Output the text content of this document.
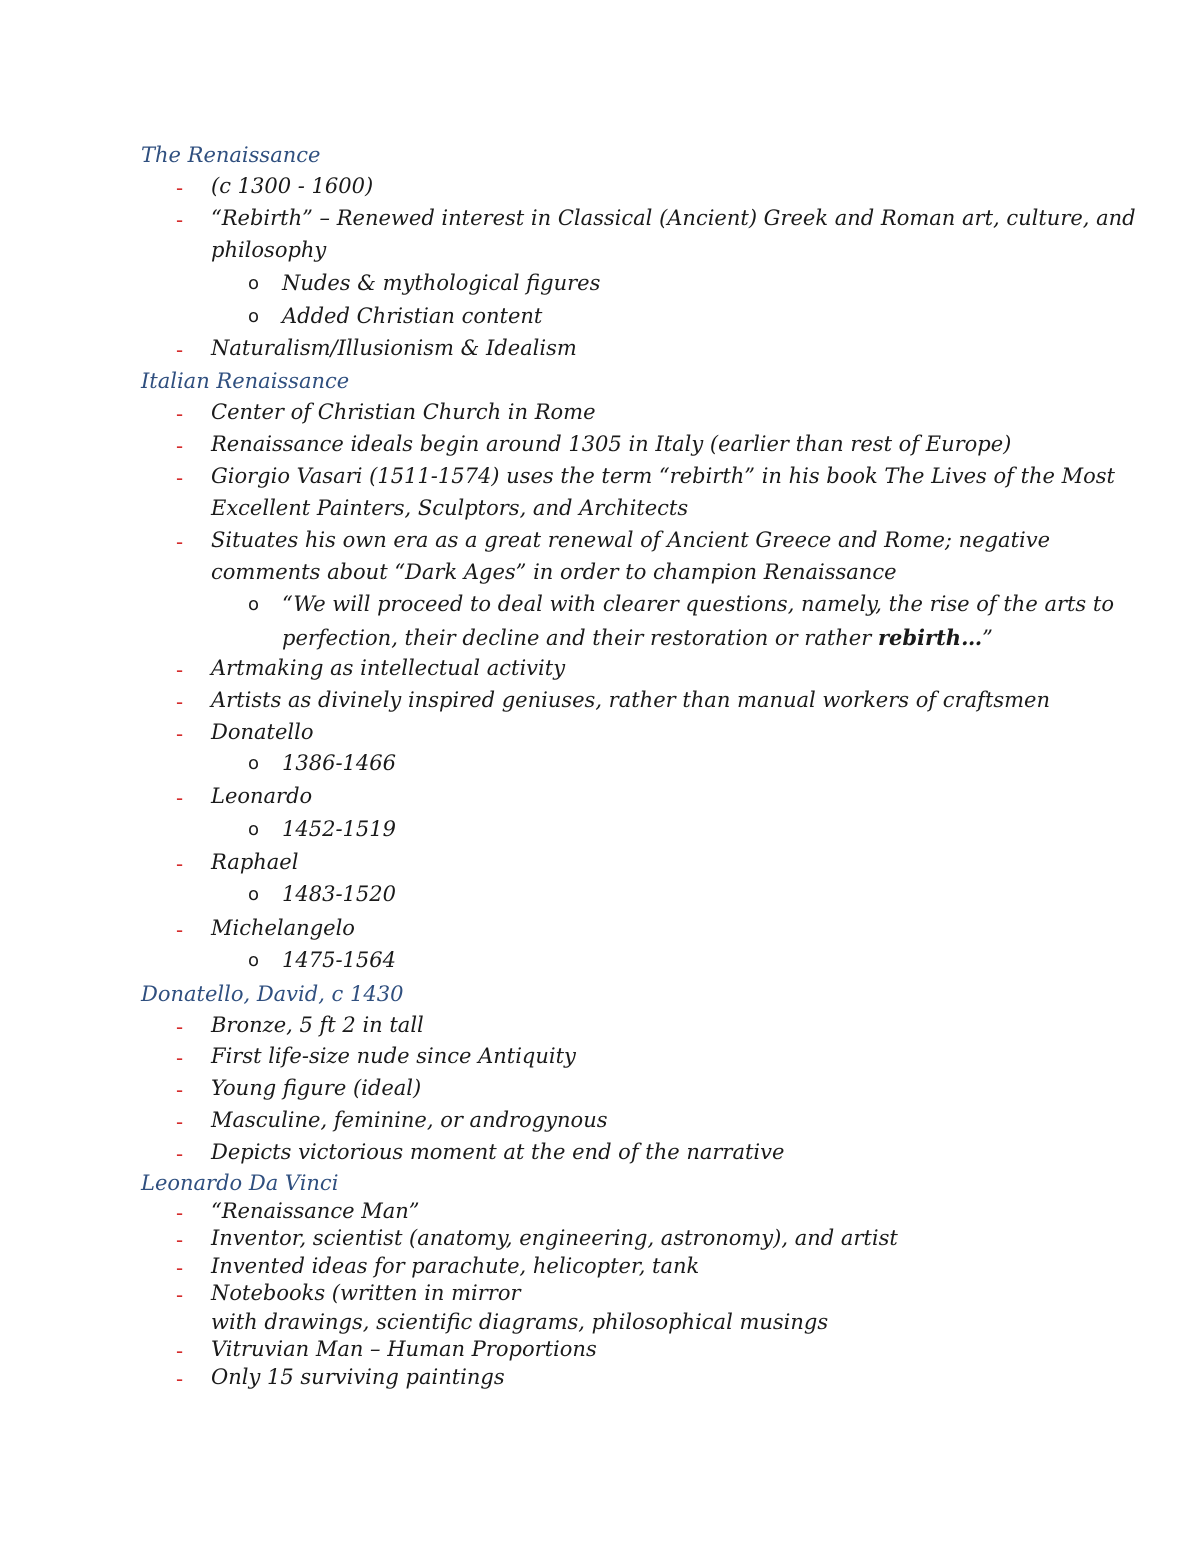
The Renaissance
- (c 1300 - 1600)
- “Rebirth” – Renewed interest in Classical (Ancient) Greek and Roman art, culture, and
philosophy
o Nudes & mythological figures
o Added Christian content
- Naturalism/Illusionism & Idealism
Italian Renaissance
- Center of Christian Church in Rome
- Renaissance ideals begin around 1305 in Italy (earlier than rest of Europe)
- Giorgio Vasari (1511-1574) uses the term “rebirth” in his book The Lives of the Most
Excellent Painters, Sculptors, and Architects
- Situates his own era as a great renewal of Ancient Greece and Rome; negative
comments about “Dark Ages” in order to champion Renaissance
o “We will proceed to deal with clearer questions, namely, the rise of the arts to
perfection, their decline and their restoration or rather rebirth…”
- Artmaking as intellectual activity
- Artists as divinely inspired geniuses, rather than manual workers of craftsmen
- Donatello
o 1386-1466
- Leonardo
o 1452-1519
- Raphael
o 1483-1520
- Michelangelo
o 1475-1564
Donatello, David, c 1430
- Bronze, 5 ft 2 in tall
- First life-size nude since Antiquity
- Young figure (ideal)
- Masculine, feminine, or androgynous
- Depicts victorious moment at the end of the narrative
Leonardo Da Vinci
- “Renaissance Man”
- Inventor, scientist (anatomy, engineering, astronomy), and artist
- Invented ideas for parachute, helicopter, tank
- Notebooks (written in mirror
with drawings, scientific diagrams, philosophical musings
- Vitruvian Man – Human Proportions
- Only 15 surviving paintings
